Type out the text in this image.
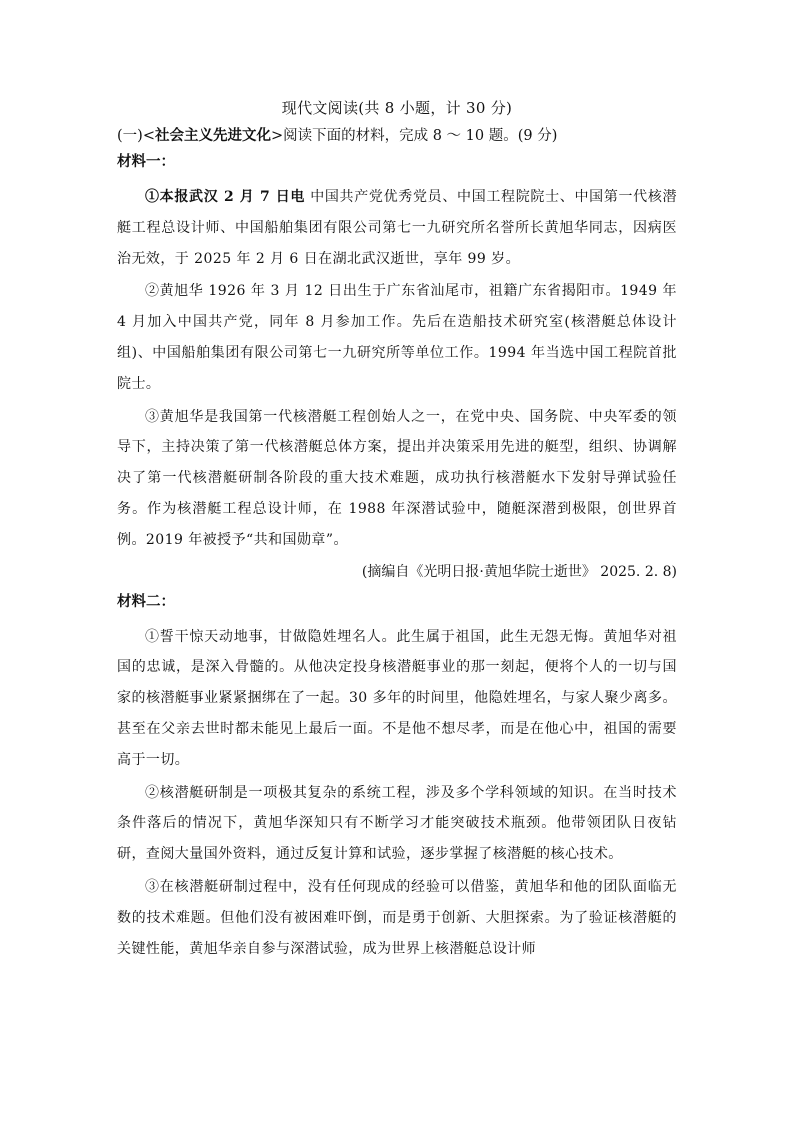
现代文阅读(共 8 小题，计 30 分)
(一)<社会主义先进文化>阅读下面的材料，完成 8 ～ 10 题。(9 分)
材料一：

①本报武汉 2 月 7 日电 中国共产党优秀党员、中国工程院院士、中国第一代核潜艇工程总设计师、中国船舶集团有限公司第七一九研究所名誉所长黄旭华同志，因病医治无效，于 2025 年 2 月 6 日在湖北武汉逝世，享年 99 岁。

②黄旭华 1926 年 3 月 12 日出生于广东省汕尾市，祖籍广东省揭阳市。1949 年 4 月加入中国共产党，同年 8 月参加工作。先后在造船技术研究室(核潜艇总体设计组)、中国船舶集团有限公司第七一九研究所等单位工作。1994 年当选中国工程院首批院士。

③黄旭华是我国第一代核潜艇工程创始人之一，在党中央、国务院、中央军委的领导下，主持决策了第一代核潜艇总体方案，提出并决策采用先进的艇型，组织、协调解决了第一代核潜艇研制各阶段的重大技术难题，成功执行核潜艇水下发射导弹试验任务。作为核潜艇工程总设计师，在 1988 年深潜试验中，随艇深潜到极限，创世界首例。2019 年被授予“共和国勋章”。

(摘编自《光明日报·黄旭华院士逝世》 2025. 2. 8)
材料二：

①誓干惊天动地事，甘做隐姓埋名人。此生属于祖国，此生无怨无悔。黄旭华对祖国的忠诚，是深入骨髓的。从他决定投身核潜艇事业的那一刻起，便将个人的一切与国家的核潜艇事业紧紧捆绑在了一起。30 多年的时间里，他隐姓埋名，与家人聚少离多。甚至在父亲去世时都未能见上最后一面。不是他不想尽孝，而是在他心中，祖国的需要高于一切。

②核潜艇研制是一项极其复杂的系统工程，涉及多个学科领域的知识。在当时技术条件落后的情况下，黄旭华深知只有不断学习才能突破技术瓶颈。他带领团队日夜钻研，查阅大量国外资料，通过反复计算和试验，逐步掌握了核潜艇的核心技术。

③在核潜艇研制过程中，没有任何现成的经验可以借鉴，黄旭华和他的团队面临无数的技术难题。但他们没有被困难吓倒，而是勇于创新、大胆探索。为了验证核潜艇的关键性能，黄旭华亲自参与深潜试验，成为世界上核潜艇总设计师
